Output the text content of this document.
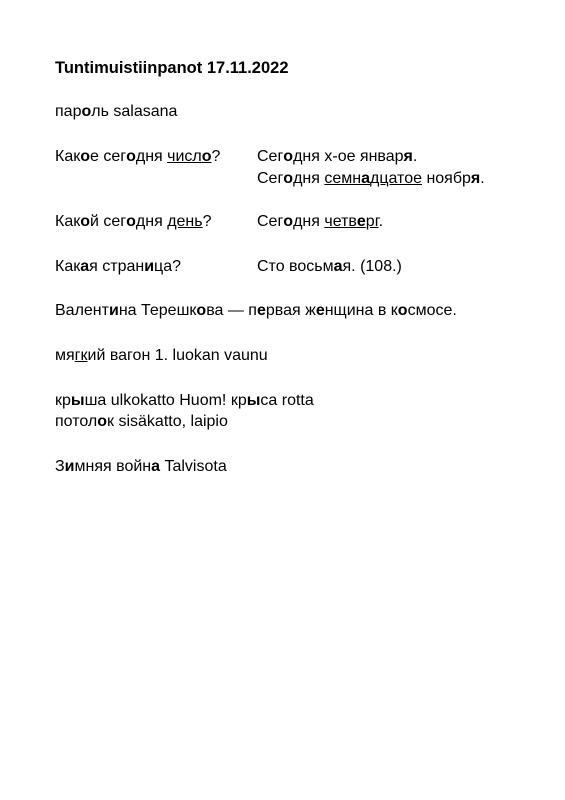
Tuntimuistiinpanot 17.11.2022
пароль salasana
Какое сегодня число? Сегодня х-ое января.
Сегодня семнадцатое ноября.
Какой сегодня день?	Сегодня четверг.
Какая страница?	Сто восьмая. (108.)
Валентина Терешкова — первая женщина в космосе.
мягкий вагон 1. luokan vaunu
крыша ulkokatto Huom! крыса rotta
потолок sisäkatto, laipio
Зимняя война Talvisota
